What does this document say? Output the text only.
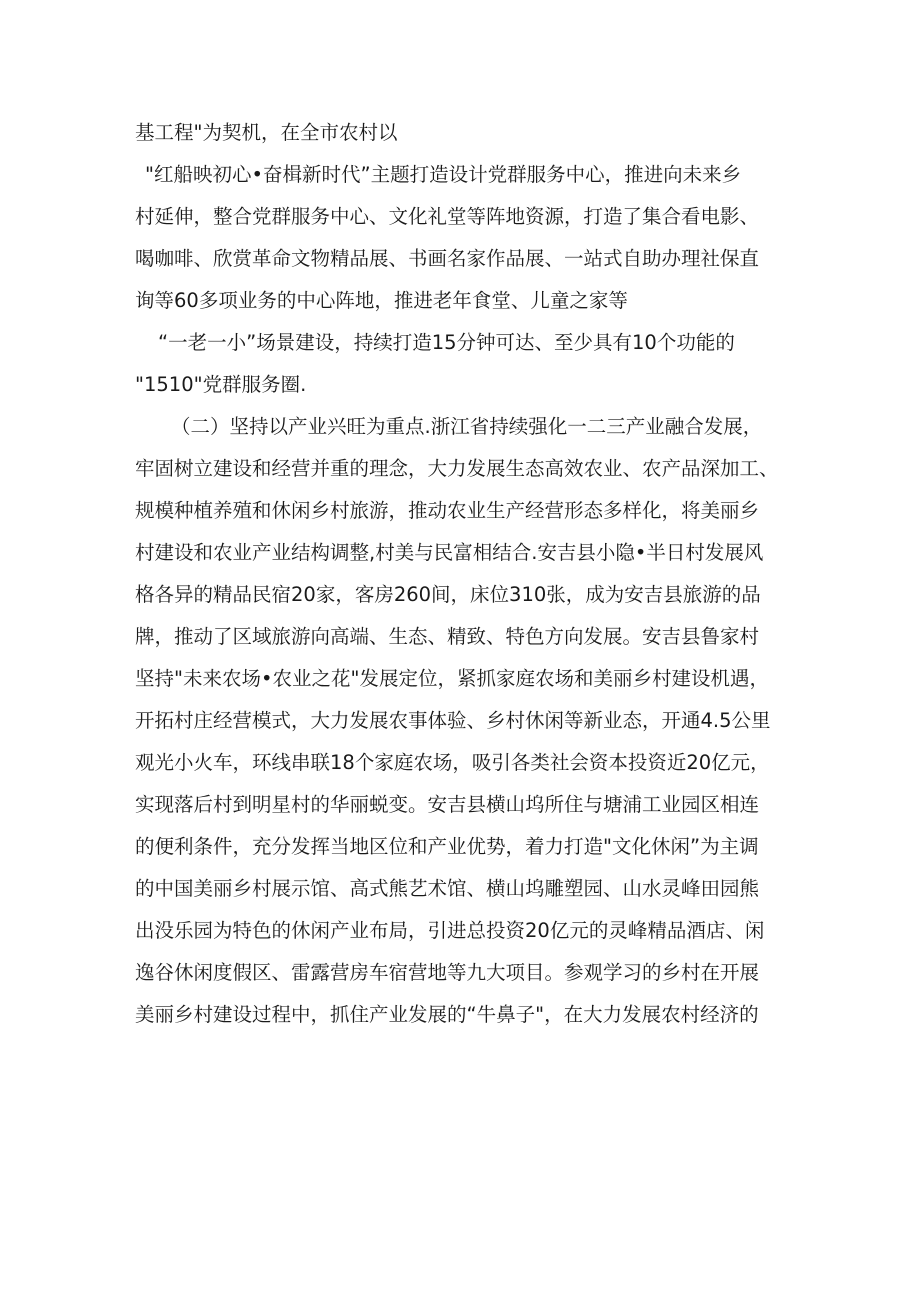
基工程"为契机，在全市农村以
"红船映初心•奋楫新时代”主题打造设计党群服务中心，推进向未来乡
村延伸，整合党群服务中心、文化礼堂等阵地资源，打造了集合看电影、
喝咖啡、欣赏革命文物精品展、书画名家作品展、一站式自助办理社保直
询等60多项业务的中心阵地，推进老年食堂、儿童之家等
“一老一小”场景建设，持续打造15分钟可达、至少具有10个功能的
"1510"党群服务圈.
（二）坚持以产业兴旺为重点.浙江省持续强化一二三产业融合发展，
牢固树立建设和经营并重的理念，大力发展生态高效农业、农产品深加工、
规模种植养殖和休闲乡村旅游，推动农业生产经营形态多样化，将美丽乡
村建设和农业产业结构调整,村美与民富相结合.安吉县小隐•半日村发展风
格各异的精品民宿20家，客房260间，床位310张，成为安吉县旅游的品
牌，推动了区域旅游向高端、生态、精致、特色方向发展。安吉县鲁家村
坚持"未来农场•农业之花"发展定位，紧抓家庭农场和美丽乡村建设机遇，
开拓村庄经营模式，大力发展农事体验、乡村休闲等新业态，开通4.5公里
观光小火车，环线串联18个家庭农场，吸引各类社会资本投资近20亿元，
实现落后村到明星村的华丽蜕变。安吉县横山坞所住与塘浦工业园区相连
的便利条件，充分发挥当地区位和产业优势，着力打造"文化休闲”为主调
的中国美丽乡村展示馆、高式熊艺术馆、横山坞雕塑园、山水灵峰田园熊
出没乐园为特色的休闲产业布局，引进总投资20亿元的灵峰精品酒店、闲
逸谷休闲度假区、雷露营房车宿营地等九大项目。参观学习的乡村在开展
美丽乡村建设过程中，抓住产业发展的“牛鼻子"，在大力发展农村经济的
